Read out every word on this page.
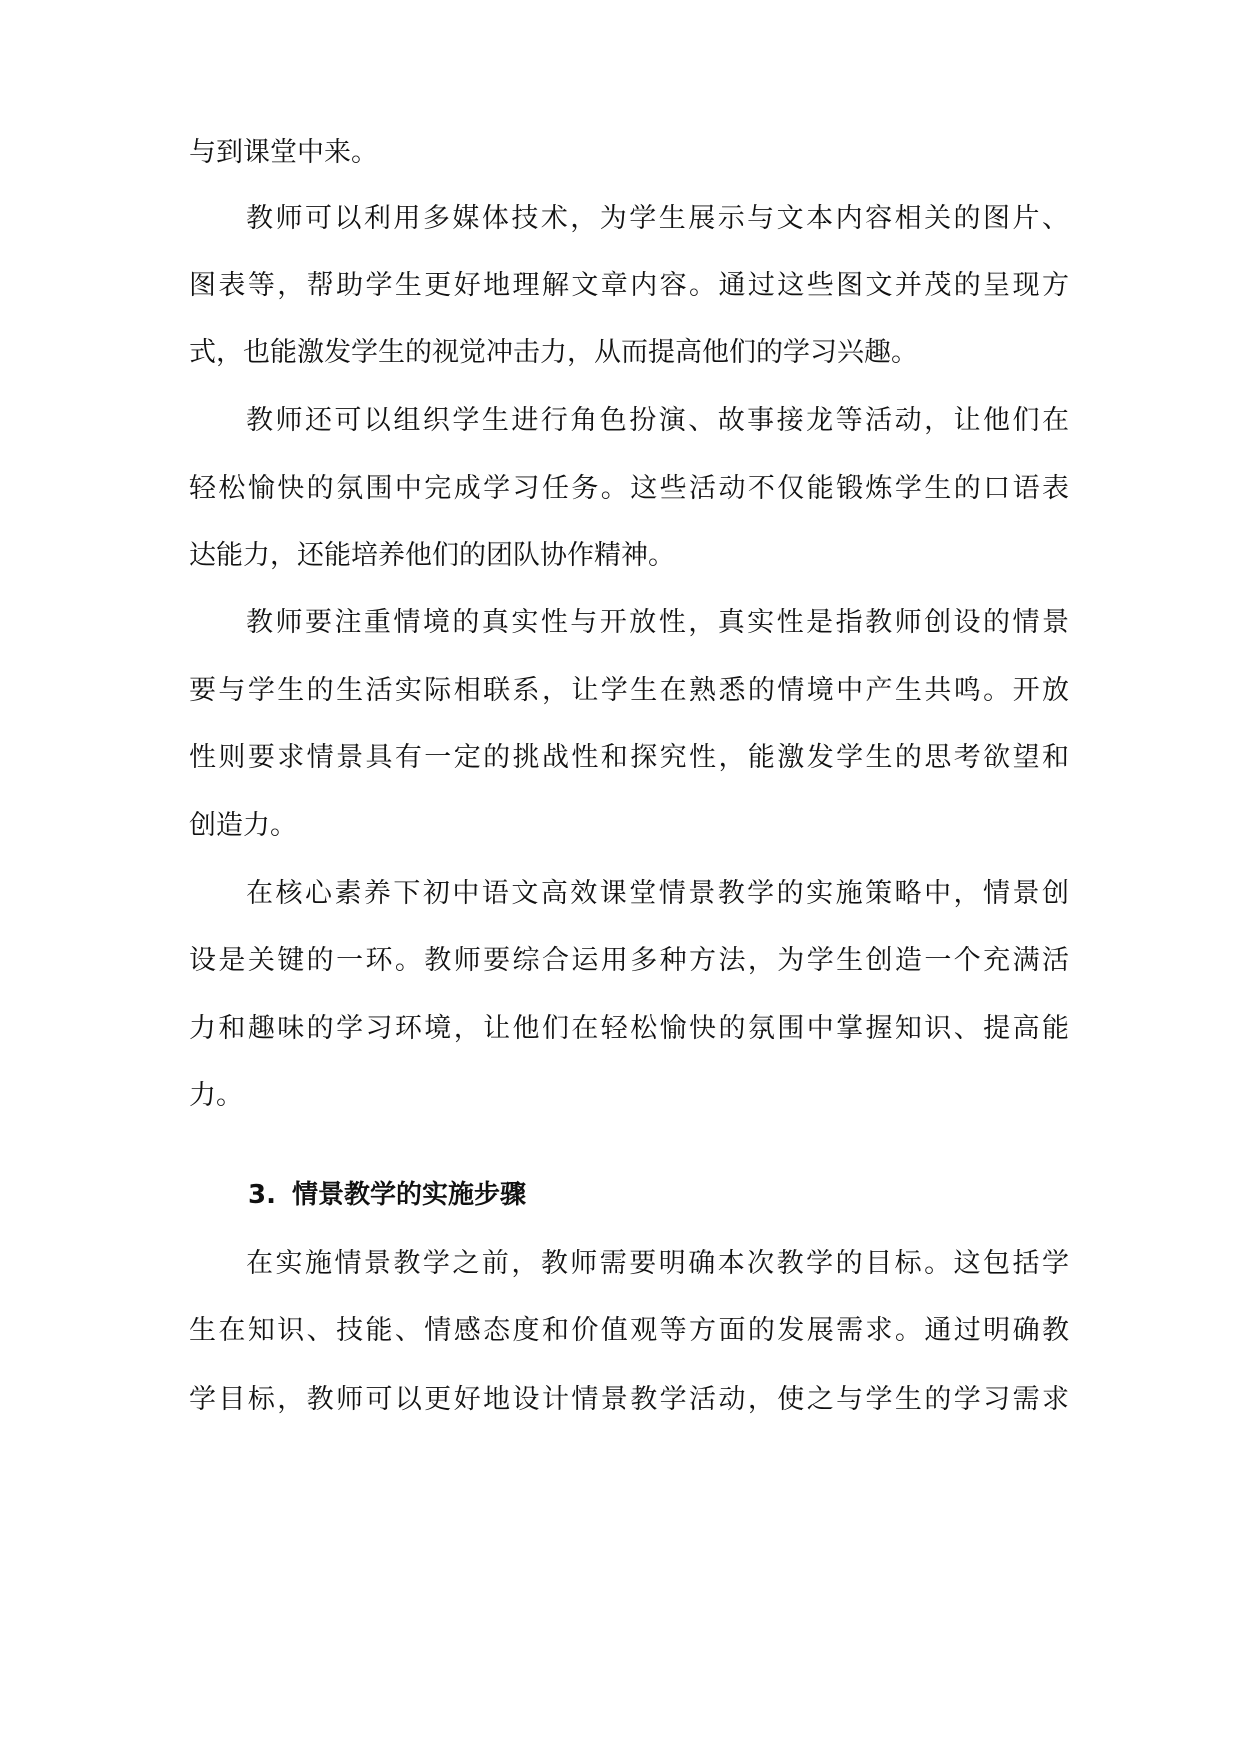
与到课堂中来。
教师可以利用多媒体技术，为学生展示与文本内容相关的图片、
图表等，帮助学生更好地理解文章内容。通过这些图文并茂的呈现方
式，也能激发学生的视觉冲击力，从而提高他们的学习兴趣。
教师还可以组织学生进行角色扮演、故事接龙等活动，让他们在
轻松愉快的氛围中完成学习任务。这些活动不仅能锻炼学生的口语表
达能力，还能培养他们的团队协作精神。
教师要注重情境的真实性与开放性，真实性是指教师创设的情景
要与学生的生活实际相联系，让学生在熟悉的情境中产生共鸣。开放
性则要求情景具有一定的挑战性和探究性，能激发学生的思考欲望和
创造力。
在核心素养下初中语文高效课堂情景教学的实施策略中，情景创
设是关键的一环。教师要综合运用多种方法，为学生创造一个充满活
力和趣味的学习环境，让他们在轻松愉快的氛围中掌握知识、提高能
力。
3. 情景教学的实施步骤
在实施情景教学之前，教师需要明确本次教学的目标。这包括学
生在知识、技能、情感态度和价值观等方面的发展需求。通过明确教
学目标，教师可以更好地设计情景教学活动，使之与学生的学习需求
